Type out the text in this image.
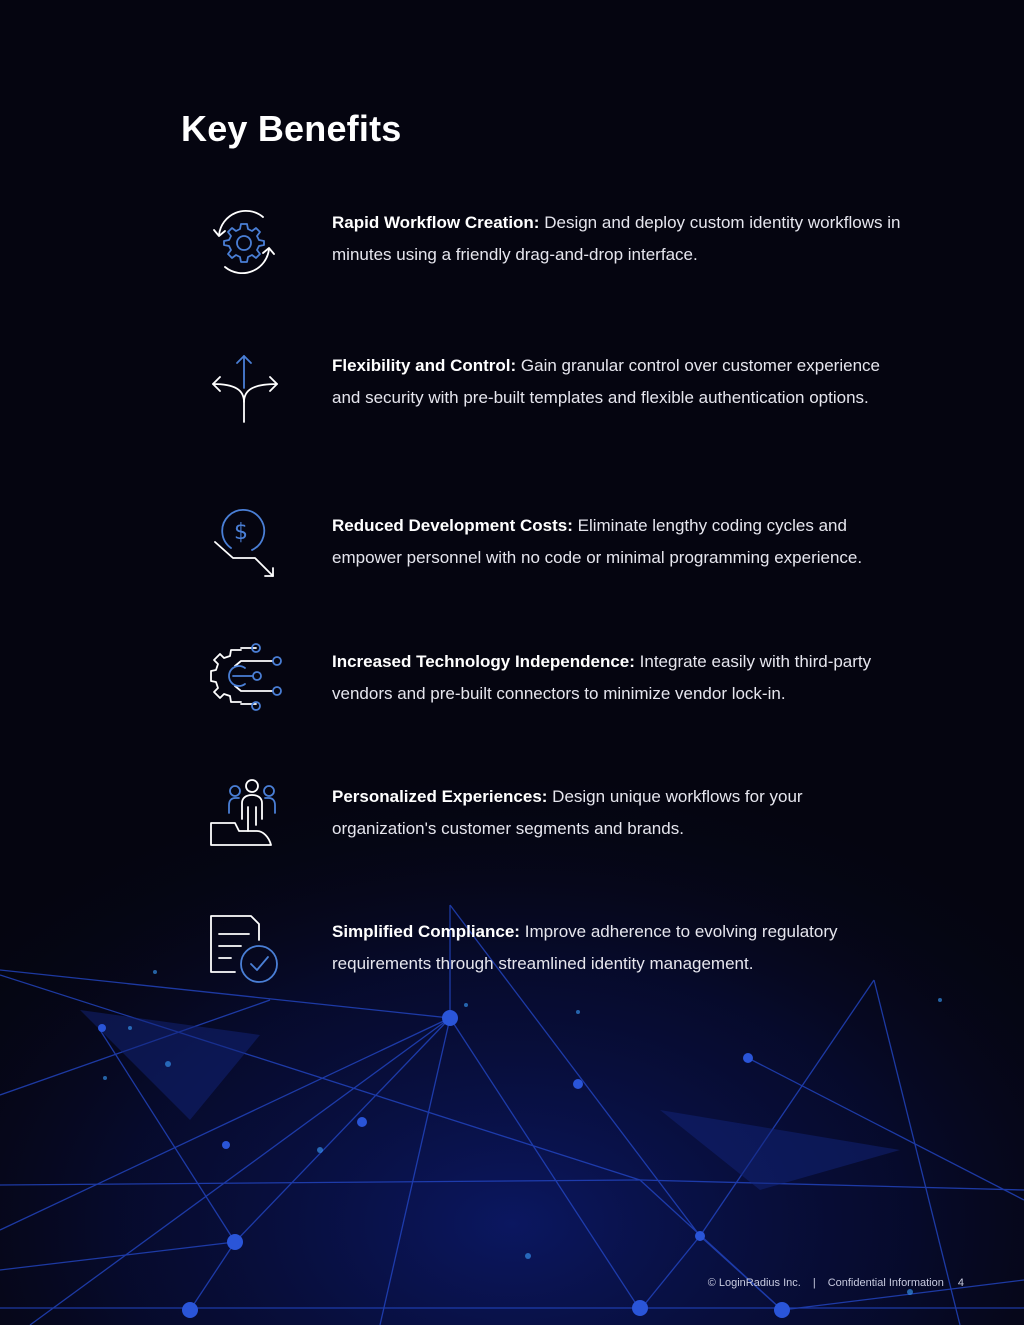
Key Benefits

Rapid Workflow Creation: Design and deploy custom identity workflows in minutes using a friendly drag-and-drop interface.

Flexibility and Control: Gain granular control over customer experience and security with pre-built templates and flexible authentication options.

$	Reduced Development Costs: Eliminate lengthy coding cycles and empower personnel with no code or minimal programming experience.

Increased Technology Independence: Integrate easily with third-party vendors and pre-built connectors to minimize vendor lock-in.

Personalized Experiences: Design unique workflows for your organization's customer segments and brands.

Simplified Compliance: Improve adherence to evolving regulatory requirements through streamlined identity management.

© LoginRadius Inc. | Confidential Information 4
